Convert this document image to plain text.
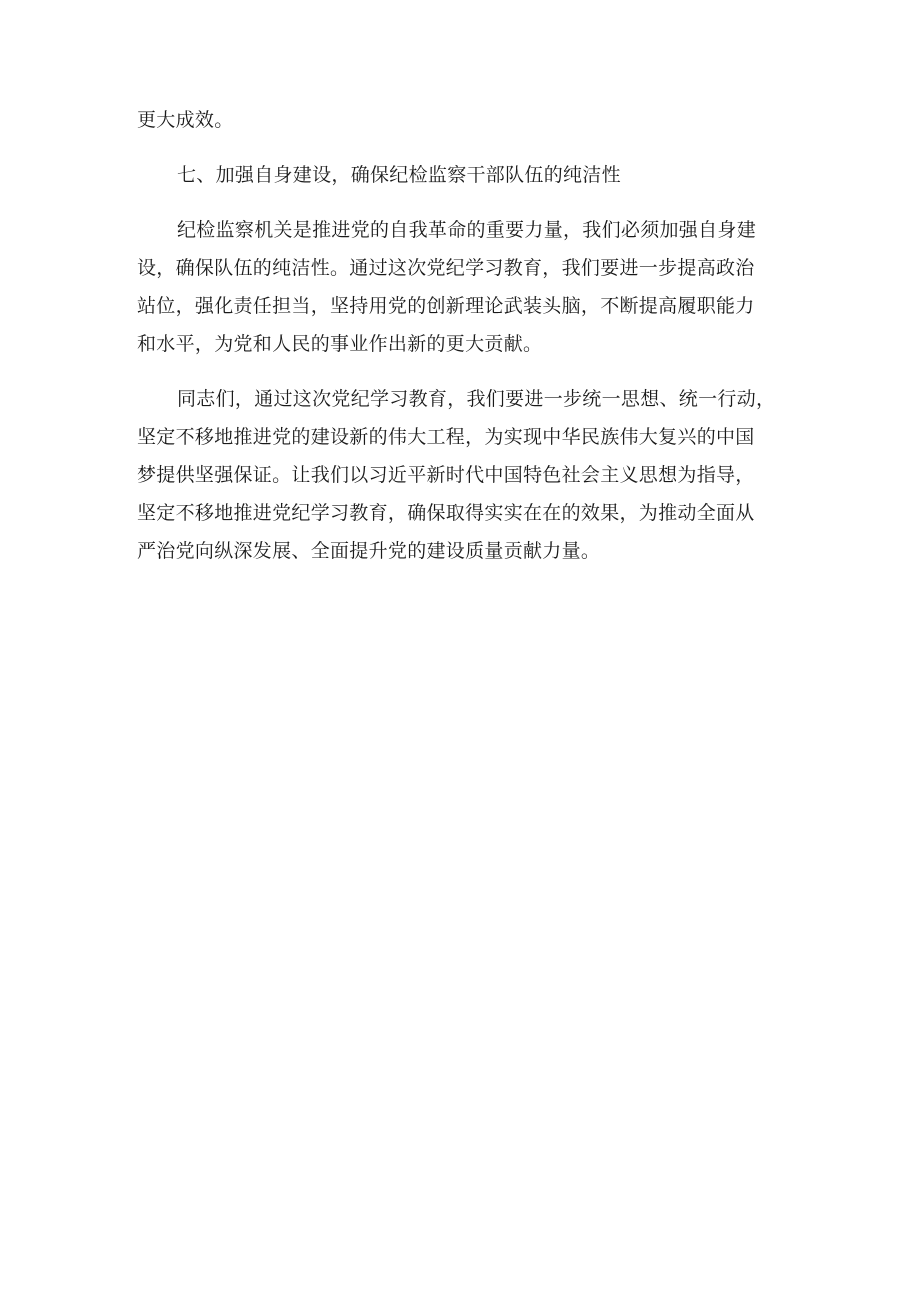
更大成效。
七、加强自身建设，确保纪检监察干部队伍的纯洁性
纪检监察机关是推进党的自我革命的重要力量，我们必须加强自身建
设，确保队伍的纯洁性。通过这次党纪学习教育，我们要进一步提高政治
站位，强化责任担当，坚持用党的创新理论武装头脑，不断提高履职能力
和水平，为党和人民的事业作出新的更大贡献。
同志们，通过这次党纪学习教育，我们要进一步统一思想、统一行动，
坚定不移地推进党的建设新的伟大工程，为实现中华民族伟大复兴的中国
梦提供坚强保证。让我们以习近平新时代中国特色社会主义思想为指导，
坚定不移地推进党纪学习教育，确保取得实实在在的效果，为推动全面从
严治党向纵深发展、全面提升党的建设质量贡献力量。
